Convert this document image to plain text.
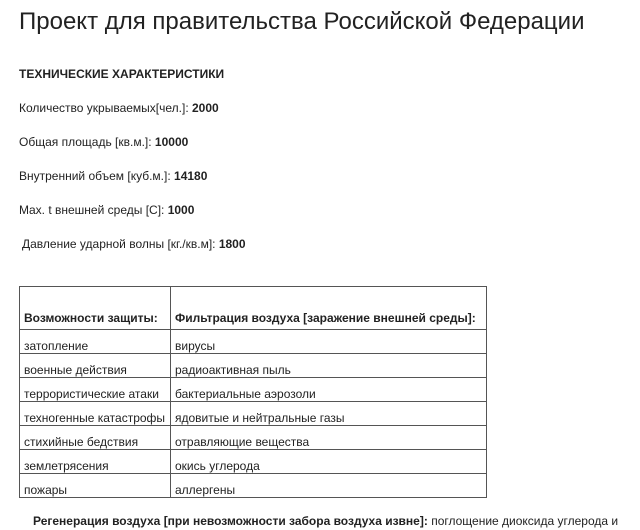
Проект для правительства Российской Федерации
ТЕХНИЧЕСКИЕ ХАРАКТЕРИСТИКИ
Количество укрываемых[чел.]: 2000
Общая площадь [кв.м.]: 10000
Внутренний объем [куб.м.]: 14180
Max. t внешней среды [C]: 1000
Давление ударной волны [кг./кв.м]: 1800
Возможности защиты:	Фильтрация воздуха [заражение внешней среды]:
затопление	вирусы
военные действия	радиоактивная пыль
террористические атаки	бактериальные аэрозоли
техногенные катастрофы	ядовитые и нейтральные газы
стихийные бедствия	отравляющие вещества
землетрясения	окись углерода
пожары	аллергены
Регенерация воздуха [при невозможности забора воздуха извне]: поглощение диоксида углерода и
